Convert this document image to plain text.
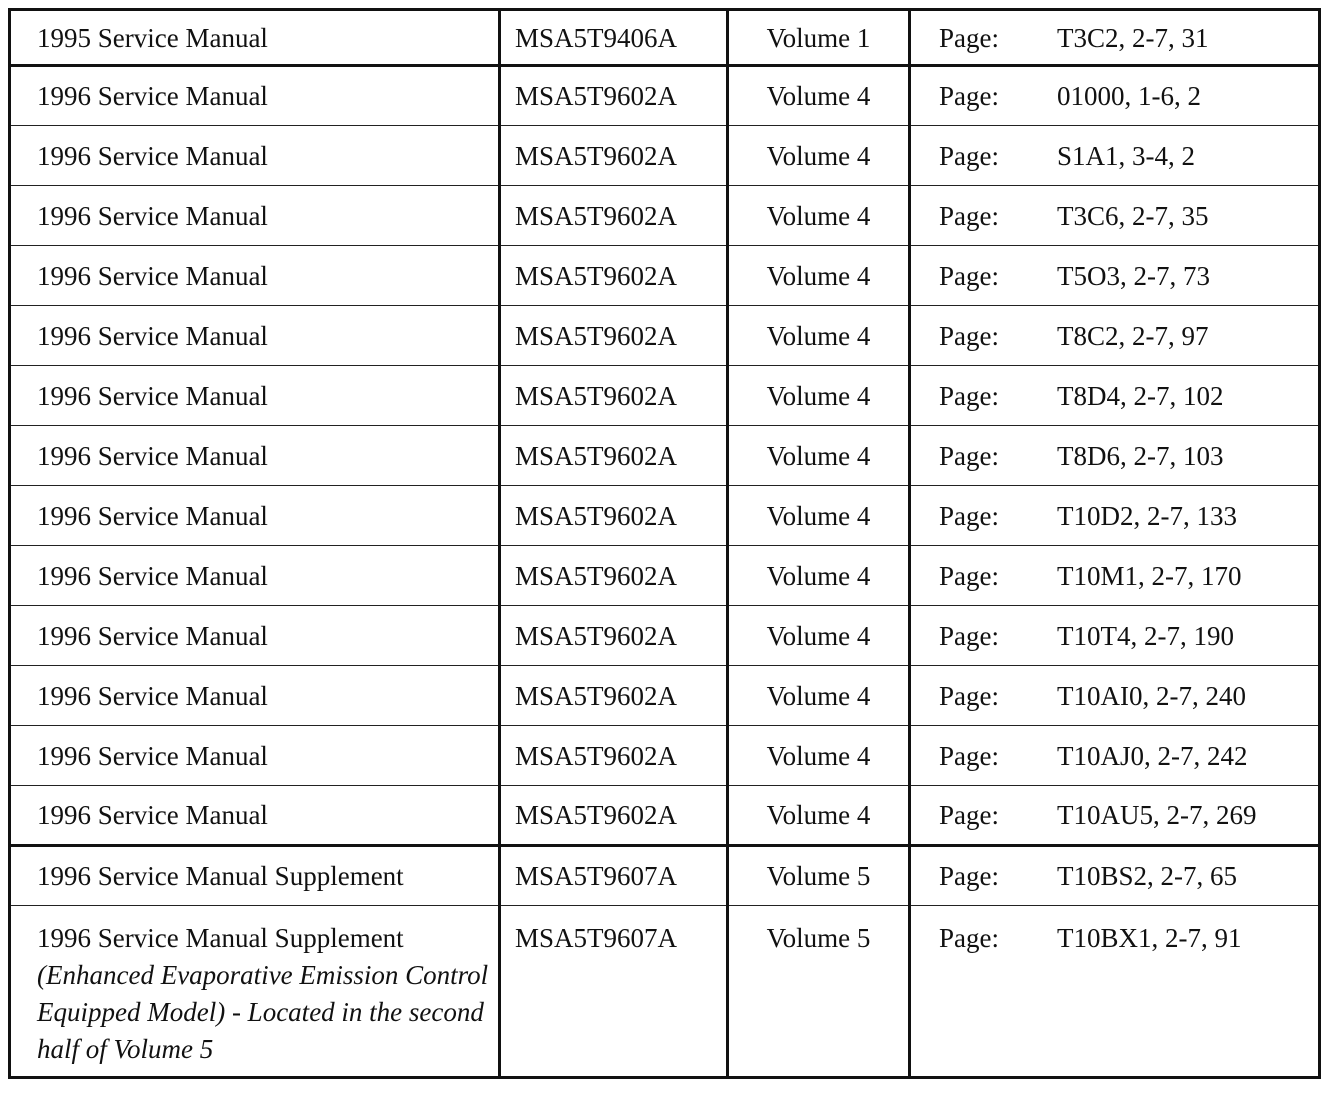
1995 Service Manual	MSA5T9406A	Volume 1	Page: T3C2, 2-7, 31
1996 Service Manual	MSA5T9602A	Volume 4	Page: 01000, 1-6, 2
1996 Service Manual	MSA5T9602A	Volume 4	Page: S1A1, 3-4, 2
1996 Service Manual	MSA5T9602A	Volume 4	Page: T3C6, 2-7, 35
1996 Service Manual	MSA5T9602A	Volume 4	Page: T5O3, 2-7, 73
1996 Service Manual	MSA5T9602A	Volume 4	Page: T8C2, 2-7, 97
1996 Service Manual	MSA5T9602A	Volume 4	Page: T8D4, 2-7, 102
1996 Service Manual	MSA5T9602A	Volume 4	Page: T8D6, 2-7, 103
1996 Service Manual	MSA5T9602A	Volume 4	Page: T10D2, 2-7, 133
1996 Service Manual	MSA5T9602A	Volume 4	Page: T10M1, 2-7, 170
1996 Service Manual	MSA5T9602A	Volume 4	Page: T10T4, 2-7, 190
1996 Service Manual	MSA5T9602A	Volume 4	Page: T10AI0, 2-7, 240
1996 Service Manual	MSA5T9602A	Volume 4	Page: T10AJ0, 2-7, 242
1996 Service Manual	MSA5T9602A	Volume 4	Page: T10AU5, 2-7, 269
1996 Service Manual Supplement	MSA5T9607A	Volume 5	Page: T10BS2, 2-7, 65

1996 Service Manual Supplement
(Enhanced Evaporative Emission Control Equipped Model) - Located in the second half of Volume 5	MSA5T9607A	Volume 5	Page: T10BX1, 2-7, 91
